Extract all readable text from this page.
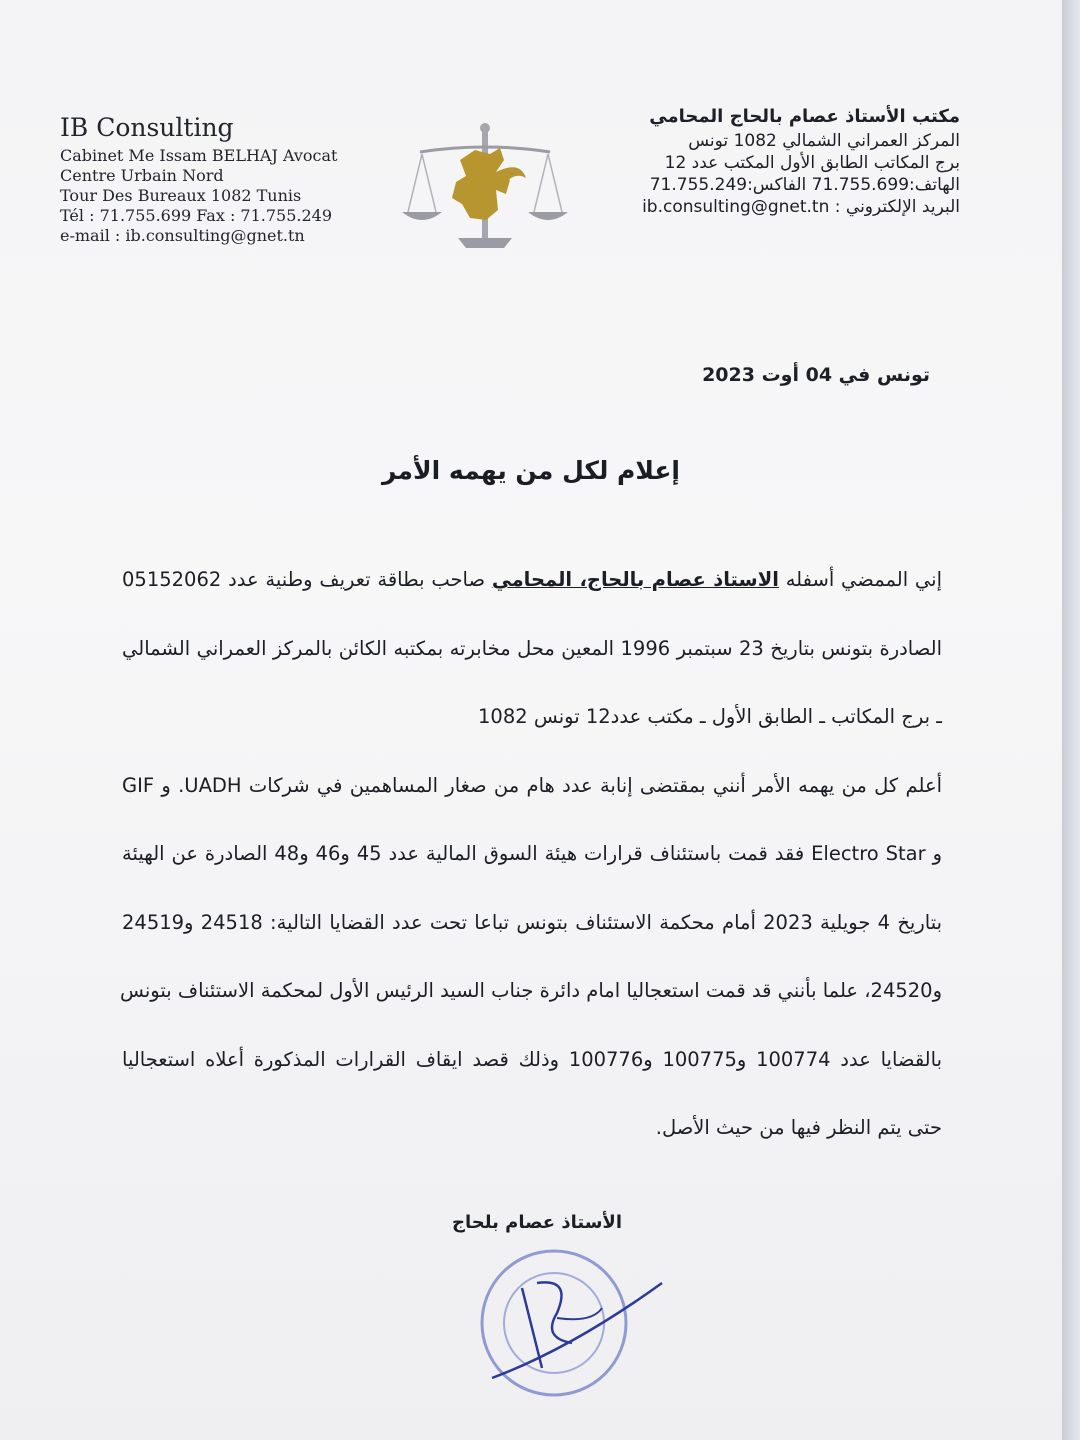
IB Consulting
Cabinet Me Issam BELHAJ Avocat
Centre Urbain Nord
Tour Des Bureaux 1082 Tunis
Tél : 71.755.699 Fax : 71.755.249
e-mail : ib.consulting@gnet.tn
مكتب الأستاذ عصام بالحاج المحامي
المركز العمراني الشمالي 1082 تونس
برج المكاتب الطابق الأول المكتب عدد 12
الهاتف:71.755.699 الفاكس:71.755.249
البريد الإلكتروني : ib.consulting@gnet.tn
تونس في 04 أوت 2023
إعلام لكل من يهمه الأمر
إني الممضي أسفله الاستاذ عصام بالحاج، المحامي صاحب بطاقة تعريف وطنية عدد 05152062
الصادرة بتونس بتاريخ 23 سبتمبر 1996 المعين محل مخابرته بمكتبه الكائن بالمركز العمراني الشمالي
ـ برج المكاتب ـ الطابق الأول ـ مكتب عدد12 تونس 1082
أعلم كل من يهمه الأمر أنني بمقتضى إنابة عدد هام من صغار المساهمين في شركات UADH. و GIF
و Electro Star فقد قمت باستئناف قرارات هيئة السوق المالية عدد 45 و46 و48 الصادرة عن الهيئة
بتاريخ 4 جويلية 2023 أمام محكمة الاستئناف بتونس تباعا تحت عدد القضايا التالية: 24518 و24519
و24520، علما بأنني قد قمت استعجاليا امام دائرة جناب السيد الرئيس الأول لمحكمة الاستئناف بتونس
بالقضايا عدد 100774 و100775 و100776 وذلك قصد ايقاف القرارات المذكورة أعلاه استعجاليا
حتى يتم النظر فيها من حيث الأصل.
الأستاذ عصام بلحاج
